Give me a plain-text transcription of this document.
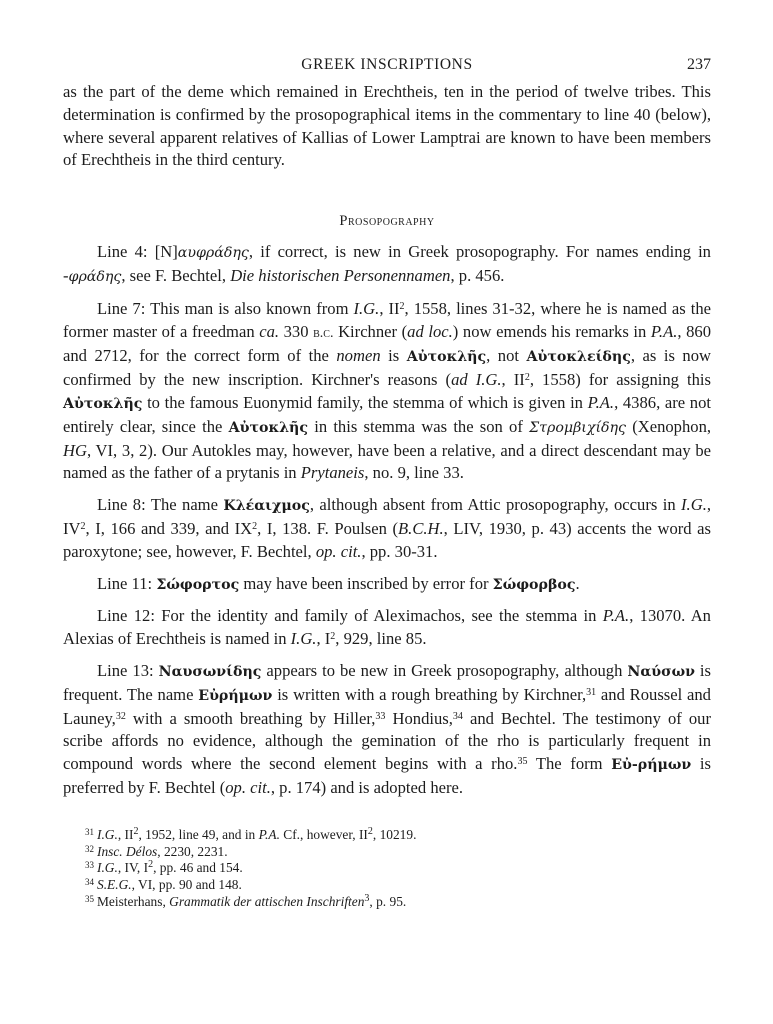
GREEK INSCRIPTIONS	237

as the part of the deme which remained in Erechtheis, ten in the period of twelve tribes. This determination is confirmed by the prosopographical items in the commentary to line 40 (below), where several apparent relatives of Kallias of Lower Lamptrai are known to have been members of Erechtheis in the third century.

Prosopography

Line 4: [N]αυφράδης, if correct, is new in Greek prosopography. For names ending in -φράδης, see F. Bechtel, Die historischen Personennamen, p. 456.

Line 7: This man is also known from I.G., $II^2$, 1558, lines 31-32, where he is named as the former master of a freedman ca. 330 b.c. Kirchner (ad loc.) now emends his remarks in P.A., 860 and 2712, for the correct form of the nomen is Αὐτοκλῆς, not Αὐτοκλείδης, as is now confirmed by the new inscription. Kirchner's reasons (ad I.G., $II^2$, 1558) for assigning this Αὐτοκλῆς to the famous Euonymid family, the stemma of which is given in P.A., 4386, are not entirely clear, since the Αὐτοκλῆς in this stemma was the son of Στρομβιχίδης (Xenophon, HG, VI, 3, 2). Our Autokles may, however, have been a relative, and a direct descendant may be named as the father of a prytanis in Prytaneis, no. 9, line 33.

Line 8: The name Κλέαιχμος, although absent from Attic prosopography, occurs in I.G., $IV^2$, I, 166 and 339, and $IX^2$, I, 138. F. Poulsen (B.C.H., LIV, 1930, p. 43) accents the word as paroxytone; see, however, F. Bechtel, op. cit., pp. 30-31.

Line 11: Σώφορτος may have been inscribed by error for Σώφορβος.

Line 12: For the identity and family of Aleximachos, see the stemma in P.A., 13070. An Alexias of Erechtheis is named in I.G., $I^2$, 929, line 85.

Line 13: Ναυσωνίδης appears to be new in Greek prosopography, although Ναύσων is frequent. The name Εὐρήμων is written with a rough breathing by Kirchner,$^{31}$ and Roussel and Launey,$^{32}$ with a smooth breathing by Hiller,$^{33}$ Hondius,$^{34}$ and Bechtel. The testimony of our scribe affords no evidence, although the gemination of the rho is particularly frequent in compound words where the second element begins with a rho.$^{35}$ The form Εὐ-ρήμων is preferred by F. Bechtel (op. cit., p. 174) and is adopted here.

$^{31}$ I.G., $II^2$, 1952, line 49, and in P.A. Cf., however, $II^2$, 10219.
$^{32}$ Insc. Délos, 2230, 2231.
$^{33}$ I.G., IV, $I^2$, pp. 46 and 154.
$^{34}$ S.E.G., VI, pp. 90 and 148.
$^{35}$ Meisterhans, Grammatik der attischen Inschriften$^3$, p. 95.
